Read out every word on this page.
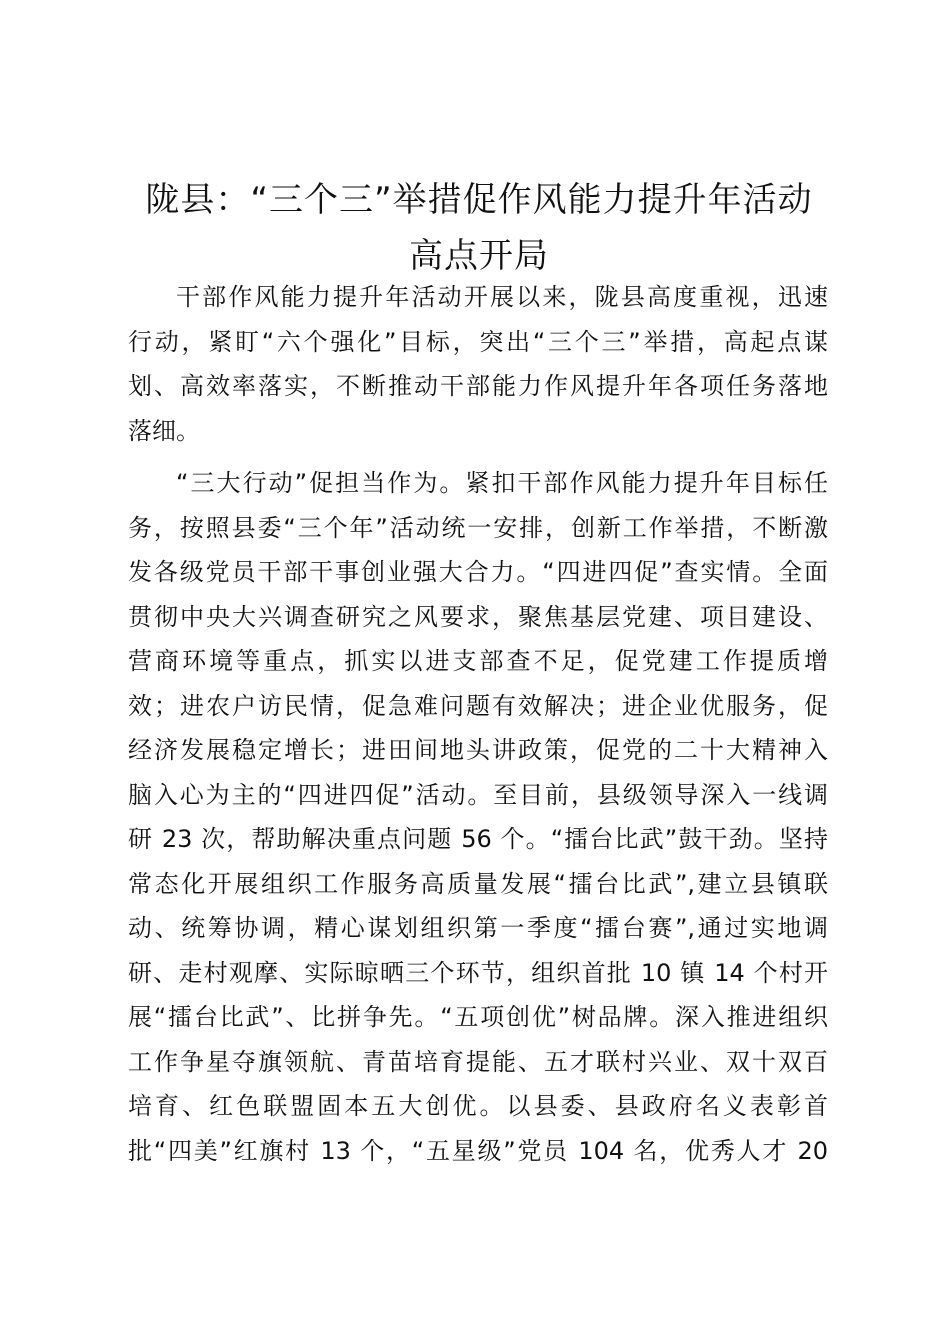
陇县：“三个三”举措促作风能力提升年活动
高点开局

干部作风能力提升年活动开展以来，陇县高度重视，迅速
行动，紧盯“六个强化”目标，突出“三个三”举措，高起点谋
划、高效率落实，不断推动干部能力作风提升年各项任务落地
落细。

“三大行动”促担当作为。紧扣干部作风能力提升年目标任
务，按照县委“三个年”活动统一安排，创新工作举措，不断激
发各级党员干部干事创业强大合力。“四进四促”查实情。全面
贯彻中央大兴调查研究之风要求，聚焦基层党建、项目建设、
营商环境等重点，抓实以进支部查不足，促党建工作提质增
效；进农户访民情，促急难问题有效解决；进企业优服务，促
经济发展稳定增长；进田间地头讲政策，促党的二十大精神入
脑入心为主的“四进四促”活动。至目前，县级领导深入一线调
研 23 次，帮助解决重点问题 56 个。“擂台比武”鼓干劲。坚持
常态化开展组织工作服务高质量发展“擂台比武”,建立县镇联
动、统筹协调，精心谋划组织第一季度“擂台赛”,通过实地调
研、走村观摩、实际晾晒三个环节，组织首批 10 镇 14 个村开
展“擂台比武”、比拼争先。“五项创优”树品牌。深入推进组织
工作争星夺旗领航、青苗培育提能、五才联村兴业、双十双百
培育、红色联盟固本五大创优。以县委、县政府名义表彰首
批“四美”红旗村 13 个，“五星级”党员 104 名，优秀人才 20
